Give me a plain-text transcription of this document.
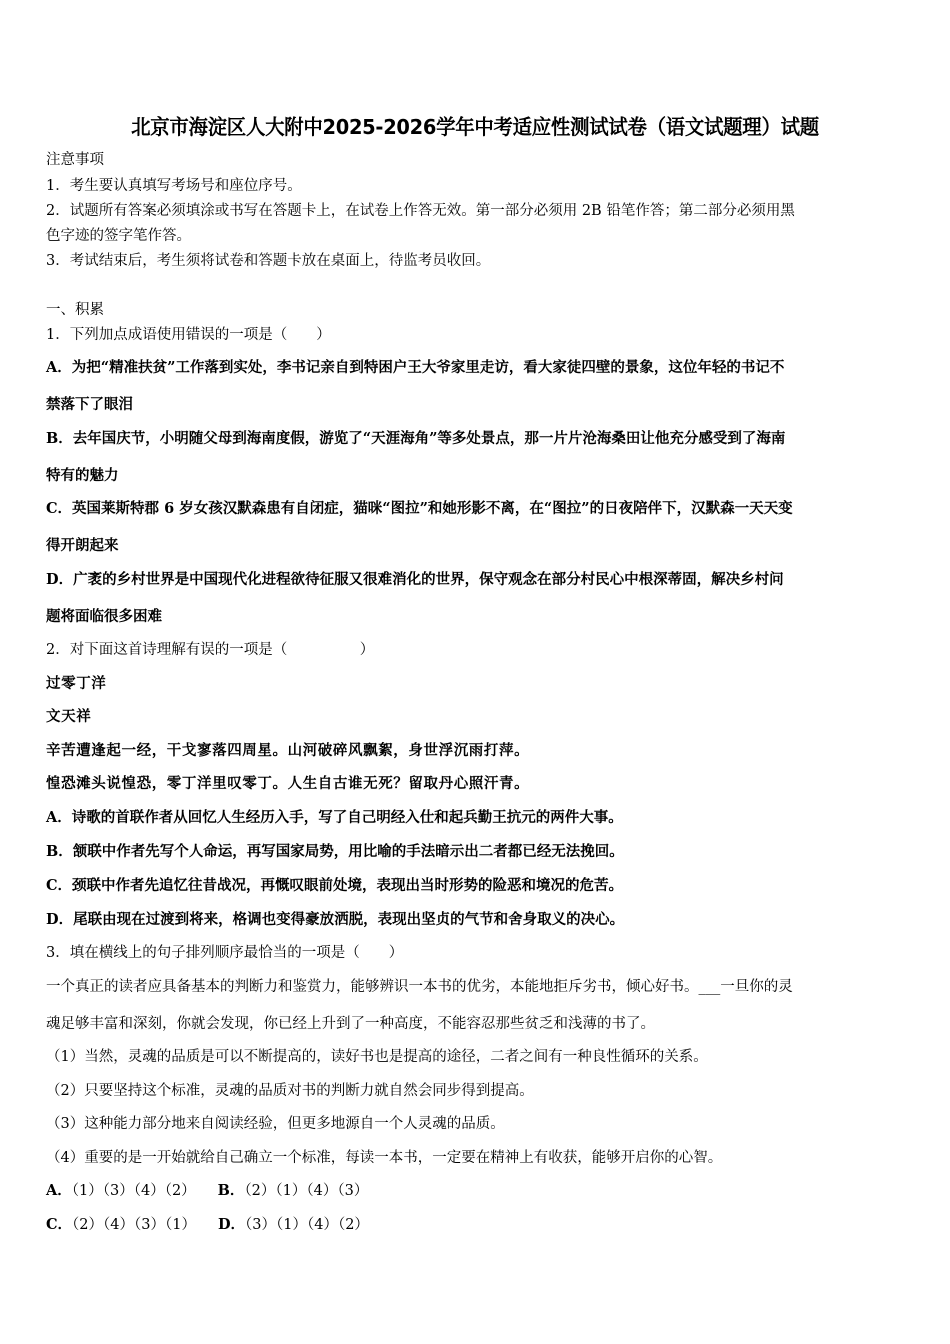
北京市海淀区人大附中2025-2026学年中考适应性测试试卷（语文试题理）试题
注意事项
1．考生要认真填写考场号和座位序号。
2．试题所有答案必须填涂或书写在答题卡上，在试卷上作答无效。第一部分必须用 2B 铅笔作答；第二部分必须用黑
色字迹的签字笔作答。
3．考试结束后，考生须将试卷和答题卡放在桌面上，待监考员收回。
一、积累
1．下列加点成语使用错误的一项是（　　）
A．为把“精准扶贫”工作落到实处，李书记亲自到特困户王大爷家里走访，看大家徒四壁的景象，这位年轻的书记不
禁落下了眼泪
B．去年国庆节，小明随父母到海南度假，游览了“天涯海角”等多处景点，那一片片沧海桑田让他充分感受到了海南
特有的魅力
C．英国莱斯特郡 6 岁女孩汉默森患有自闭症，猫咪“图拉”和她形影不离，在“图拉”的日夜陪伴下，汉默森一天天变
得开朗起来
D．广袤的乡村世界是中国现代化进程欲待征服又很难消化的世界，保守观念在部分村民心中根深蒂固，解决乡村问
题将面临很多困难
2．对下面这首诗理解有误的一项是（　　　　　）
过零丁洋
文天祥
辛苦遭逢起一经，干戈寥落四周星。山河破碎风飘絮，身世浮沉雨打萍。
惶恐滩头说惶恐，零丁洋里叹零丁。人生自古谁无死？留取丹心照汗青。
A．诗歌的首联作者从回忆人生经历入手，写了自己明经入仕和起兵勤王抗元的两件大事。
B．颔联中作者先写个人命运，再写国家局势，用比喻的手法暗示出二者都已经无法挽回。
C．颈联中作者先追忆往昔战况，再慨叹眼前处境，表现出当时形势的险恶和境况的危苦。
D．尾联由现在过渡到将来，格调也变得豪放洒脱，表现出坚贞的气节和舍身取义的决心。
3．填在横线上的句子排列顺序最恰当的一项是（　　）
一个真正的读者应具备基本的判断力和鉴赏力，能够辨识一本书的优劣，本能地拒斥劣书，倾心好书。___一旦你的灵
魂足够丰富和深刻，你就会发现，你已经上升到了一种高度，不能容忍那些贫乏和浅薄的书了。
（1）当然，灵魂的品质是可以不断提高的，读好书也是提高的途径，二者之间有一种良性循环的关系。
（2）只要坚持这个标准，灵魂的品质对书的判断力就自然会同步得到提高。
（3）这种能力部分地来自阅读经验，但更多地源自一个人灵魂的品质。
（4）重要的是一开始就给自己确立一个标准，每读一本书，一定要在精神上有收获，能够开启你的心智。
A．（1）（3）（4）（2） B．（2）（1）（4）（3）
C．（2）（4）（3）（1） D．（3）（1）（4）（2）
